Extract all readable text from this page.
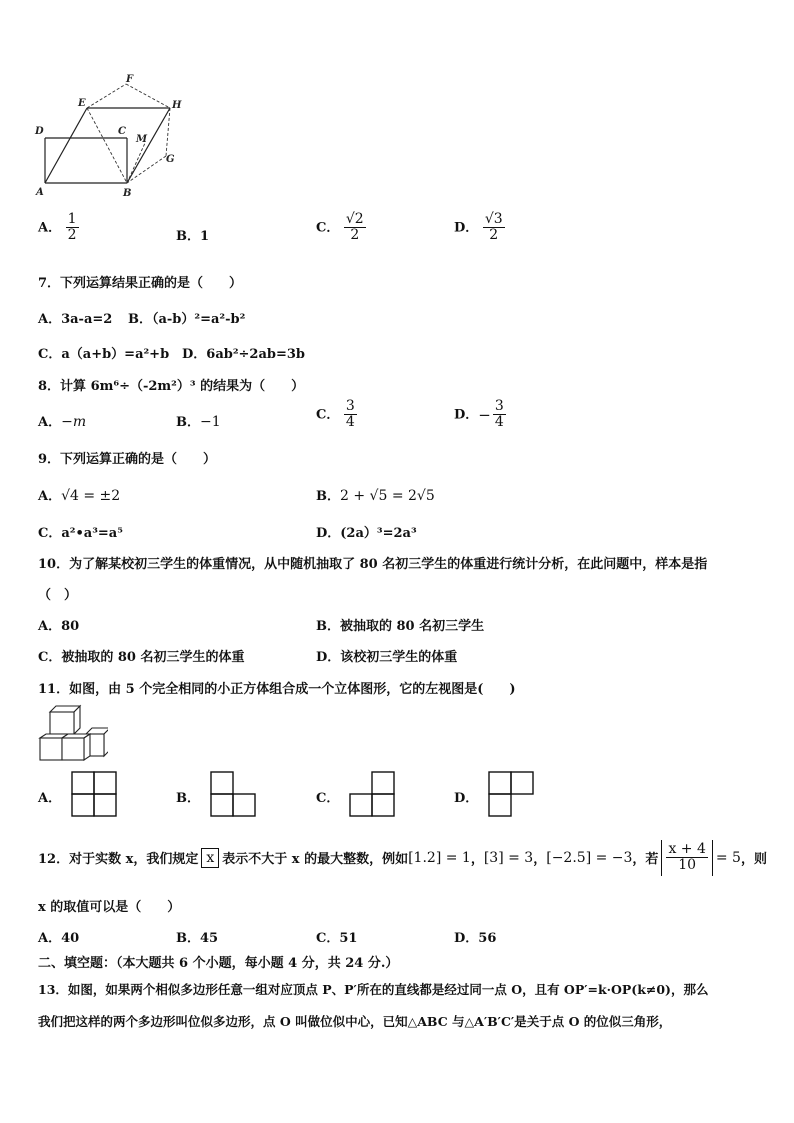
D
E
F
H
C
M
G
A	B
A． $\frac{1}{2}$	B．1
C． $\frac{√2}{2}$	D． $\frac{√3}{2}$
7．下列运算结果正确的是（　　）
A．3a-a=2 B．（a-b）²=a²-b²
C．a（a+b）=a²+b D．6ab²÷2ab=3b
8．计算 6m⁶÷（-2m²）³ 的结果为（　　）
A．−m	B．−1	C． $\frac{3}{4}$	D．− $\frac{3}{4}$
9．下列运算正确的是（　　）
A．√4 = ±2	B．2 + √5 = 2√5
C．a²•a³=a⁵	D．(2a）³=2a³
10．为了解某校初三学生的体重情况，从中随机抽取了 80 名初三学生的体重进行统计分析，在此问题中，样本是指
（　）
A．80	B．被抽取的 80 名初三学生
C．被抽取的 80 名初三学生的体重	D．该校初三学生的体重
11．如图，由 5 个完全相同的小正方体组合成一个立体图形，它的左视图是(　　)
A．	B．	C．	D．
12．对于实数 x，我们规定 x 表示不大于 x 的最大整数，例如 [1.2] = 1 ， [3] = 3 ， [−2.5] = −3 ，若 $\frac{x + 4}{10} = 5$ ，则
x 的取值可以是（　　）
A．40	B．45	C．51	D．56
二、填空题：（本大题共 6 个小题，每小题 4 分，共 24 分.）
13．如图，如果两个相似多边形任意一组对应顶点 P、P′所在的直线都是经过同一点 O，且有 OP′=k·OP(k≠0)，那么
我们把这样的两个多边形叫位似多边形，点 O 叫做位似中心，已知△ABC 与△A′B′C′是关于点 O 的位似三角形，
